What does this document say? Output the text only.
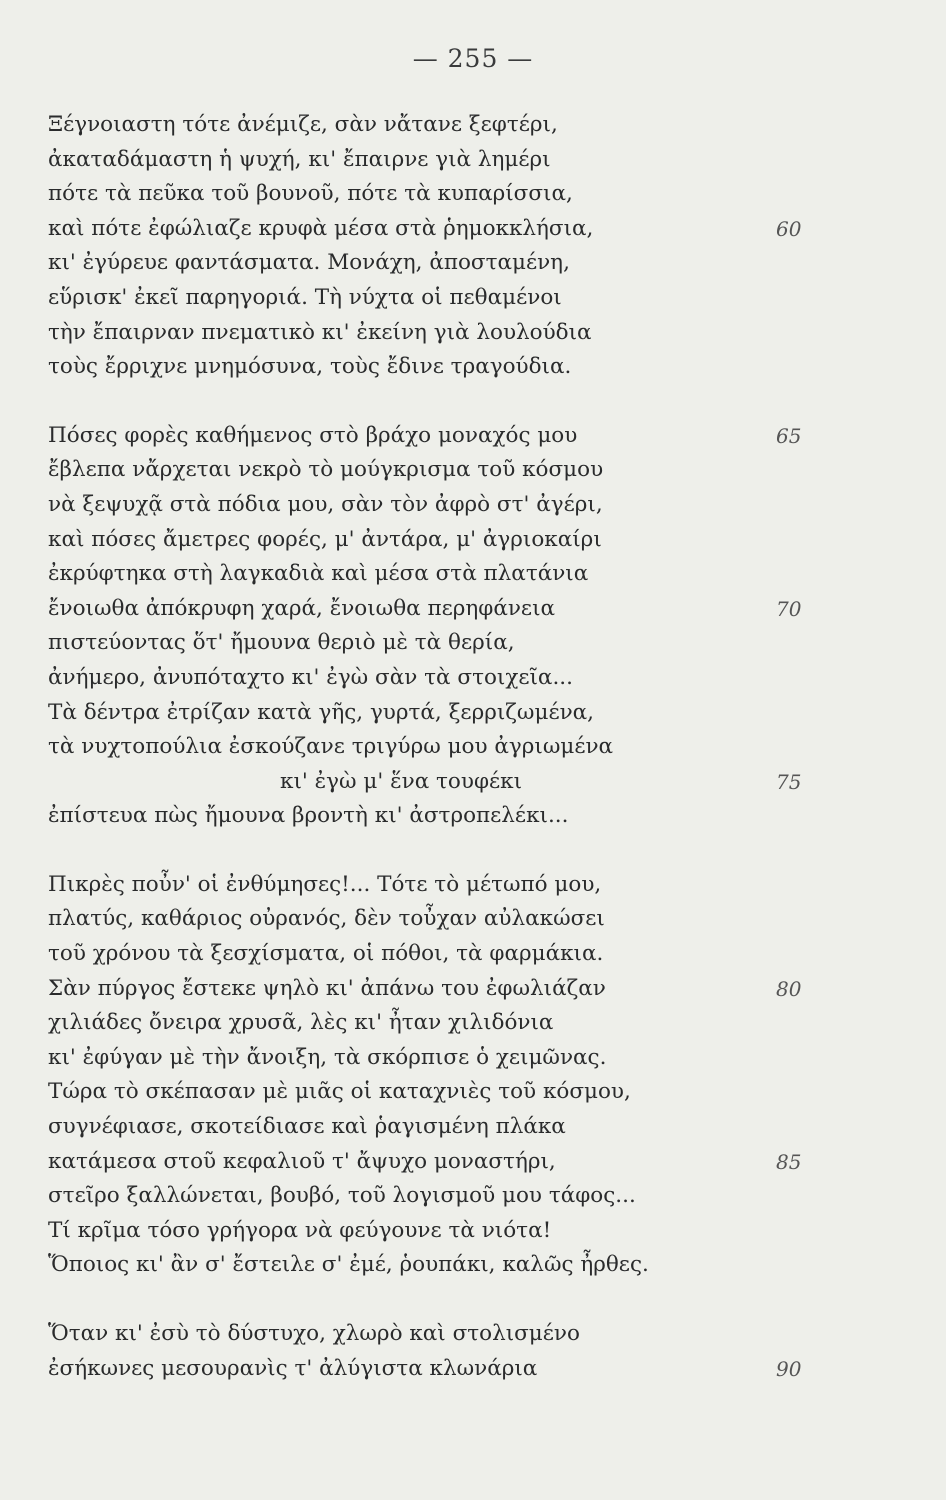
— 255 —
Ξέγνοιαστη τότε ἀνέμιζε, σὰν νἄτανε ξεφτέρι,
ἀκαταδάμαστη ἡ ψυχή, κι' ἔπαιρνε γιὰ λημέρι
πότε τὰ πεῦκα τοῦ βουνοῦ, πότε τὰ κυπαρίσσια,
καὶ πότε ἐφώλιαζε κρυφὰ μέσα στὰ ῥημοκκλήσια,	60
κι' ἐγύρευε φαντάσματα. Μονάχη, ἀποσταμένη,
εὕρισκ' ἐκεῖ παρηγοριά. Τὴ νύχτα οἱ πεθαμένοι
τὴν ἔπαιρναν πνεματικὸ κι' ἐκείνη γιὰ λουλούδια
τοὺς ἔρριχνε μνημόσυνα, τοὺς ἔδινε τραγούδια.
Πόσες φορὲς καθήμενος στὸ βράχο μοναχός μου	65
ἔβλεπα νἄρχεται νεκρὸ τὸ μούγκρισμα τοῦ κόσμου
νὰ ξεψυχᾷ στὰ πόδια μου, σὰν τὸν ἀφρὸ στ' ἀγέρι,
καὶ πόσες ἄμετρες φορές, μ' ἀντάρα, μ' ἀγριοκαίρι
ἐκρύφτηκα στὴ λαγκαδιὰ καὶ μέσα στὰ πλατάνια
ἔνοιωθα ἀπόκρυφη χαρά, ἔνοιωθα περηφάνεια	70
πιστεύοντας ὅτ' ἤμουνα θεριὸ μὲ τὰ θερία,
ἀνήμερο, ἀνυπόταχτο κι' ἐγὼ σὰν τὰ στοιχεῖα...
Τὰ δέντρα ἐτρίζαν κατὰ γῆς, γυρτά, ξερριζωμένα,
τὰ νυχτοπούλια ἐσκούζανε τριγύρω μου ἀγριωμένα
κι' ἐγὼ μ' ἕνα τουφέκι	75
ἐπίστευα πὼς ἤμουνα βροντὴ κι' ἀστροπελέκι...
Πικρὲς ποὖν' οἱ ἐνθύμησες!... Τότε τὸ μέτωπό μου,
πλατύς, καθάριος οὐρανός, δὲν τοὖχαν αὐλακώσει
τοῦ χρόνου τὰ ξεσχίσματα, οἱ πόθοι, τὰ φαρμάκια.
Σὰν πύργος ἔστεκε ψηλὸ κι' ἀπάνω του ἐφωλιάζαν	80
χιλιάδες ὄνειρα χρυσᾶ, λὲς κι' ἦταν χιλιδόνια
κι' ἐφύγαν μὲ τὴν ἄνοιξη, τὰ σκόρπισε ὁ χειμῶνας.
Τώρα τὸ σκέπασαν μὲ μιᾶς οἱ καταχνιὲς τοῦ κόσμου,
συγνέφιασε, σκοτείδιασε καὶ ῥαγισμένη πλάκα
κατάμεσα στοῦ κεφαλιοῦ τ' ἄψυχο μοναστήρι,	85
στεῖρο ξαλλώνεται, βουβό, τοῦ λογισμοῦ μου τάφος...
Τί κρῖμα τόσο γρήγορα νὰ φεύγουνε τὰ νιότα!
Ὅποιος κι' ἂν σ' ἔστειλε σ' ἐμέ, ῥουπάκι, καλῶς ἦρθες.
Ὅταν κι' ἐσὺ τὸ δύστυχο, χλωρὸ καὶ στολισμένο
ἐσήκωνες μεσουρανὶς τ' ἀλύγιστα κλωνάρια	90
